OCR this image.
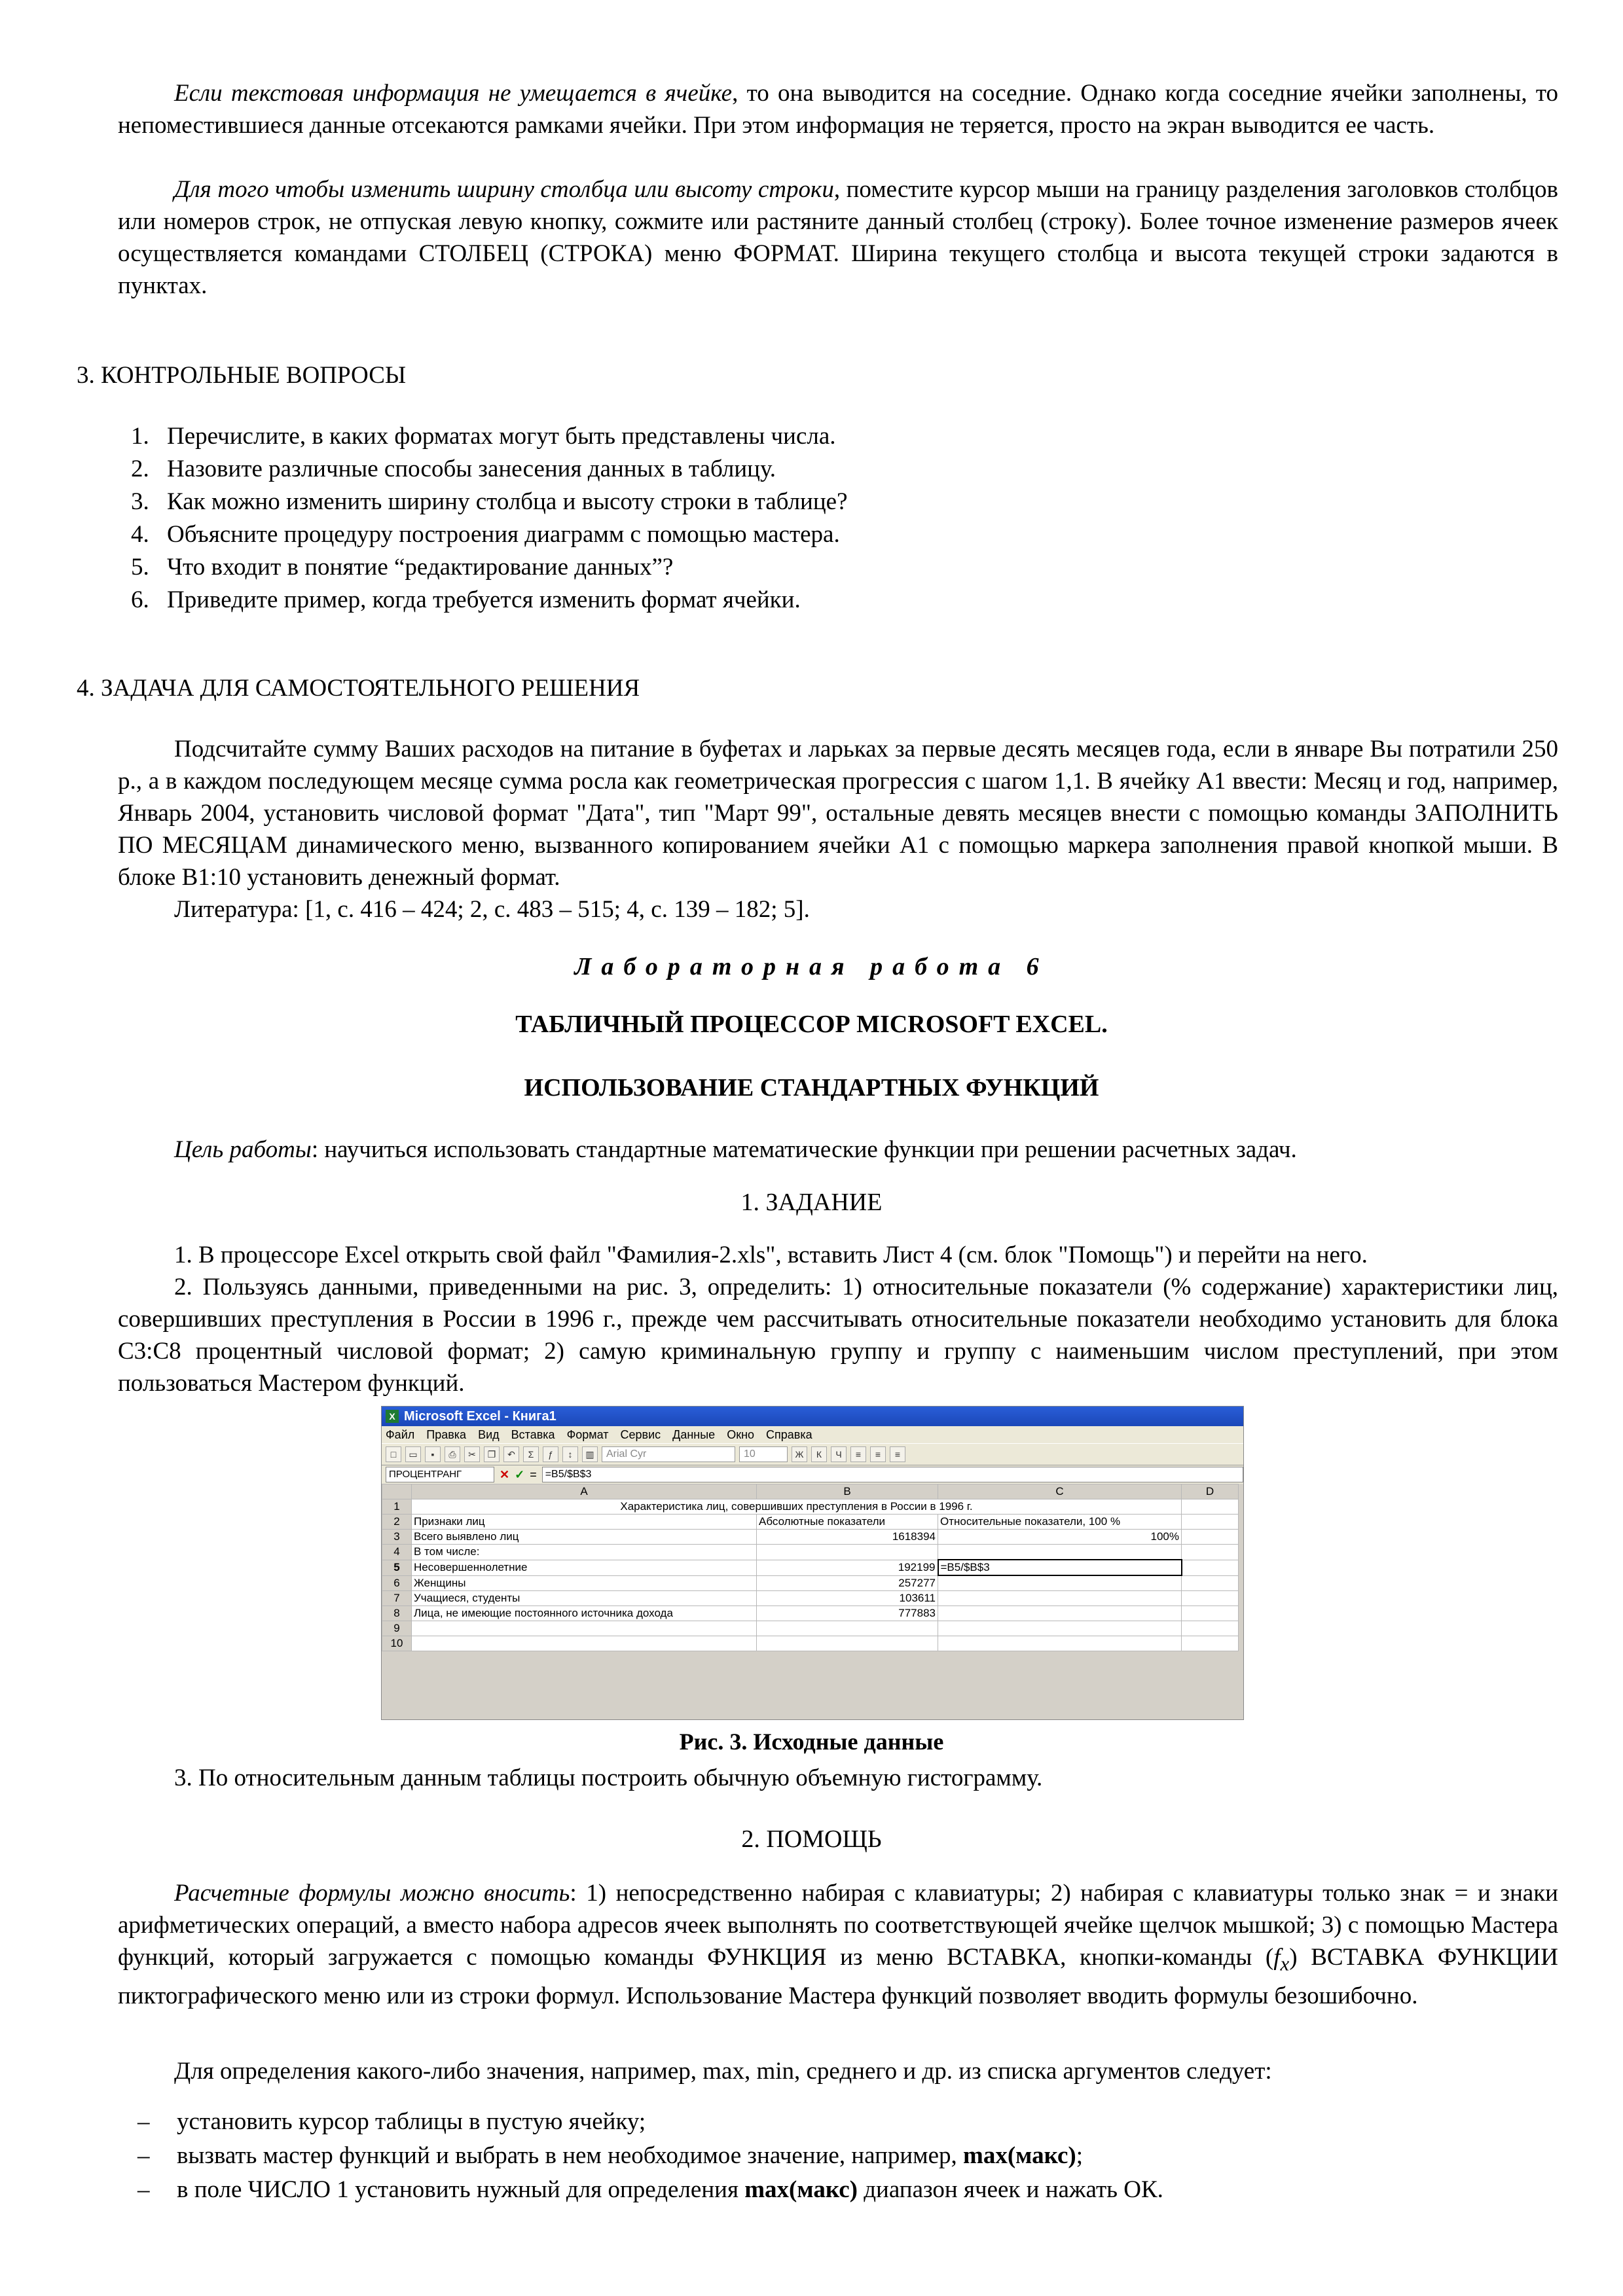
Если текстовая информация не умещается в ячейке, то она выводится на соседние. Однако когда соседние ячейки заполнены, то непоместившиеся данные отсекаются рамками ячейки. При этом информация не теряется, просто на экран выводится ее часть.

Для того чтобы изменить ширину столбца или высоту строки, поместите курсор мыши на границу разделения заголовков столбцов или номеров строк, не отпуская левую кнопку, сожмите или растяните данный столбец (строку). Более точное изменение размеров ячеек осуществляется командами СТОЛБЕЦ (СТРОКА) меню ФОРМАТ. Ширина текущего столбца и высота текущей строки задаются в пунктах.

3. КОНТРОЛЬНЫЕ ВОПРОСЫ

1. Перечислите, в каких форматах могут быть представлены числа.
2. Назовите различные способы занесения данных в таблицу.
3. Как можно изменить ширину столбца и высоту строки в таблице?
4. Объясните процедуру построения диаграмм с помощью мастера.
5. Что входит в понятие “редактирование данных”?
6. Приведите пример, когда требуется изменить формат ячейки.

4. ЗАДАЧА ДЛЯ САМОСТОЯТЕЛЬНОГО РЕШЕНИЯ

Подсчитайте сумму Ваших расходов на питание в буфетах и ларьках за первые десять месяцев года, если в январе Вы потратили 250 р., а в каждом последующем месяце сумма росла как геометрическая прогрессия с шагом 1,1. В ячейку А1 ввести: Месяц и год, например, Январь 2004, установить числовой формат "Дата", тип "Март 99", остальные девять месяцев внести с помощью команды ЗАПОЛНИТЬ ПО МЕСЯЦАМ динамического меню, вызванного копированием ячейки А1 с помощью маркера заполнения правой кнопкой мыши. В блоке В1:10 установить денежный формат.

Литература: [1, с. 416 – 424; 2, с. 483 – 515; 4, с. 139 – 182; 5].

Лабораторная работа 6

ТАБЛИЧНЫЙ ПРОЦЕССОР MICROSOFT EXCEL.

ИСПОЛЬЗОВАНИЕ СТАНДАРТНЫХ ФУНКЦИЙ

Цель работы: научиться использовать стандартные математические функции при решении расчетных задач.

1. ЗАДАНИЕ

1. В процессоре Excel открыть свой файл "Фамилия-2.xls", вставить Лист 4 (см. блок "Помощь") и перейти на него.

2. Пользуясь данными, приведенными на рис. 3, определить: 1) относительные показатели (% содержание) характеристики лиц, совершивших преступления в России в 1996 г., прежде чем рассчитывать относительные показатели необходимо установить для блока С3:С8 процентный числовой формат; 2) самую криминальную группу и группу с наименьшим числом преступлений, при этом пользоваться Мастером функций.

X Microsoft Excel - Книга1
Файл Правка Вид Вставка Формат Сервис Данные Окно Справка
□	▭	▪	⎙	✂	❐	↶	Σ	ƒ	↕	▥	Arial Cyr	10	Ж	К	Ч	≡	≡	≡
ПРОЦЕНТРАНГ	✕ ✓ = =B5/$B$3
	A	B	C	D
1	Характеристика лиц, совершивших преступления в России в 1996 г.			
2	Признаки лиц	Абсолютные показатели	Относительные показатели, 100 %	
3	Всего выявлено лиц	1618394	100%	
4	В том числе:			
5	Несовершеннолетние	192199	=B5/$B$3	
6	Женщины	257277		
7	Учащиеся, студенты	103611		
8	Лица, не имеющие постоянного источника дохода	777883		
9				
10				

Рис. 3. Исходные данные

3. По относительным данным таблицы построить обычную объемную гистограмму.

2. ПОМОЩЬ

Расчетные формулы можно вносить: 1) непосредственно набирая с клавиатуры; 2) набирая с клавиатуры только знак = и знаки арифметических операций, а вместо набора адресов ячеек выполнять по соответствующей ячейке щелчок мышкой; 3) с помощью Мастера функций, который загружается с помощью команды ФУНКЦИЯ из меню ВСТАВКА, кнопки-команды $(f_x)$ ВСТАВКА ФУНКЦИИ пиктографического меню или из строки формул. Использование Мастера функций позволяет вводить формулы безошибочно.

Для определения какого-либо значения, например, max, min, среднего и др. из списка аргументов следует:

–	установить курсор таблицы в пустую ячейку;
–	вызвать мастер функций и выбрать в нем необходимое значение, например, max(макс);
–	в поле ЧИСЛО 1 установить нужный для определения max(макс) диапазон ячеек и нажать ОК.
